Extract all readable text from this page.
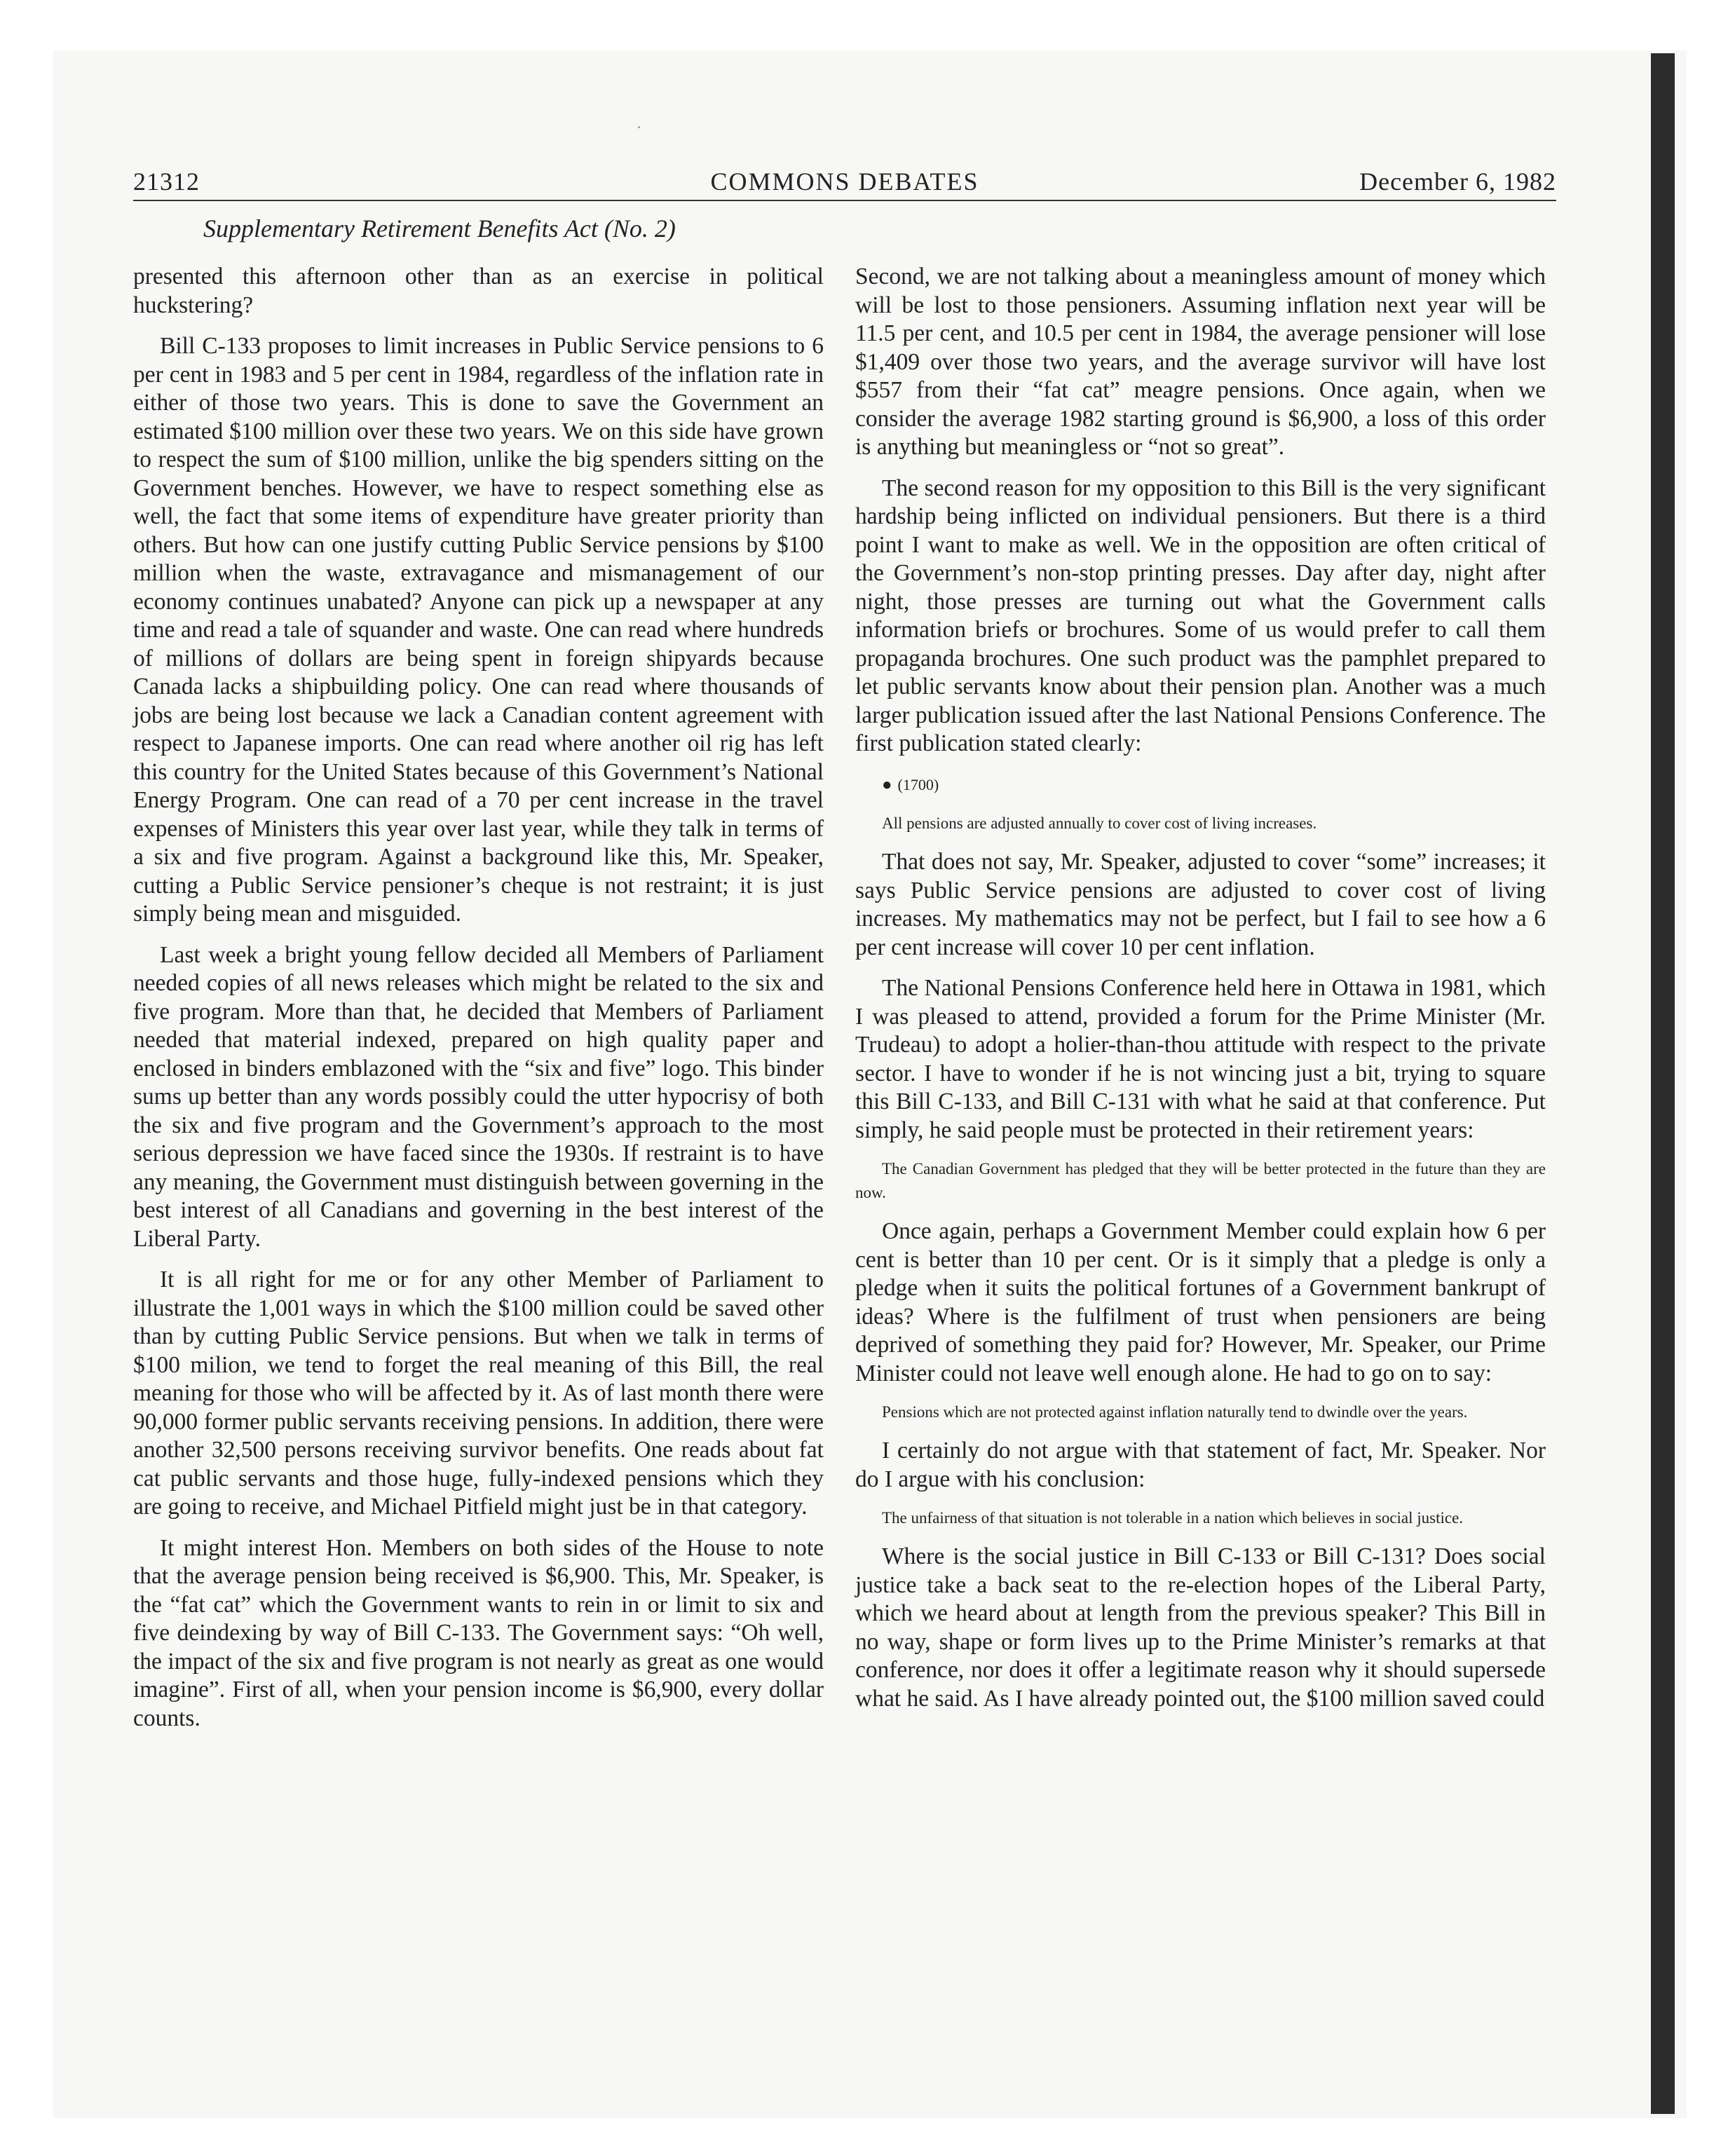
21312	COMMONS DEBATES	December 6, 1982
Supplementary Retirement Benefits Act (No. 2)

presented this afternoon other than as an exercise in political huckstering?

Bill C-133 proposes to limit increases in Public Service pensions to 6 per cent in 1983 and 5 per cent in 1984, regardless of the inflation rate in either of those two years. This is done to save the Government an estimated $100 million over these two years. We on this side have grown to respect the sum of $100 million, unlike the big spenders sitting on the Government benches. However, we have to respect something else as well, the fact that some items of expenditure have greater priority than others. But how can one justify cutting Public Service pensions by $100 million when the waste, extravagance and mismanagement of our economy continues unabated? Anyone can pick up a newspaper at any time and read a tale of squander and waste. One can read where hundreds of millions of dollars are being spent in foreign shipyards because Canada lacks a shipbuilding policy. One can read where thousands of jobs are being lost because we lack a Canadian content agreement with respect to Japanese imports. One can read where another oil rig has left this country for the United States because of this Government’s National Energy Program. One can read of a 70 per cent increase in the travel expenses of Ministers this year over last year, while they talk in terms of a six and five program. Against a background like this, Mr. Speaker, cutting a Public Service pensioner’s cheque is not restraint; it is just simply being mean and misguided.

Last week a bright young fellow decided all Members of Parliament needed copies of all news releases which might be related to the six and five program. More than that, he decided that Members of Parliament needed that material indexed, prepared on high quality paper and enclosed in binders emblazoned with the “six and five” logo. This binder sums up better than any words possibly could the utter hypocrisy of both the six and five program and the Government’s approach to the most serious depression we have faced since the 1930s. If restraint is to have any meaning, the Government must distinguish between governing in the best interest of all Canadians and governing in the best interest of the Liberal Party.

It is all right for me or for any other Member of Parliament to illustrate the 1,001 ways in which the $100 million could be saved other than by cutting Public Service pensions. But when we talk in terms of $100 milion, we tend to forget the real meaning of this Bill, the real meaning for those who will be affected by it. As of last month there were 90,000 former public servants receiving pensions. In addition, there were another 32,500 persons receiving survivor benefits. One reads about fat cat public servants and those huge, fully-indexed pensions which they are going to receive, and Michael Pitfield might just be in that category.

It might interest Hon. Members on both sides of the House to note that the average pension being received is $6,900. This, Mr. Speaker, is the “fat cat” which the Government wants to rein in or limit to six and five deindexing by way of Bill C-133. The Government says: “Oh well, the impact of the six and five program is not nearly as great as one would imagine”. First of all, when your pension income is $6,900, every dollar counts.

Second, we are not talking about a meaningless amount of money which will be lost to those pensioners. Assuming inflation next year will be 11.5 per cent, and 10.5 per cent in 1984, the average pensioner will lose $1,409 over those two years, and the average survivor will have lost $557 from their “fat cat” meagre pensions. Once again, when we consider the average 1982 starting ground is $6,900, a loss of this order is anything but meaningless or “not so great”.

The second reason for my opposition to this Bill is the very significant hardship being inflicted on individual pensioners. But there is a third point I want to make as well. We in the opposition are often critical of the Government’s non-stop printing presses. Day after day, night after night, those presses are turning out what the Government calls information briefs or brochures. Some of us would prefer to call them propaganda brochures. One such product was the pamphlet prepared to let public servants know about their pension plan. Another was a much larger publication issued after the last National Pensions Conference. The first publication stated clearly:

● (1700)

All pensions are adjusted annually to cover cost of living increases.

That does not say, Mr. Speaker, adjusted to cover “some” increases; it says Public Service pensions are adjusted to cover cost of living increases. My mathematics may not be perfect, but I fail to see how a 6 per cent increase will cover 10 per cent inflation.

The National Pensions Conference held here in Ottawa in 1981, which I was pleased to attend, provided a forum for the Prime Minister (Mr. Trudeau) to adopt a holier-than-thou attitude with respect to the private sector. I have to wonder if he is not wincing just a bit, trying to square this Bill C-133, and Bill C-131 with what he said at that conference. Put simply, he said people must be protected in their retirement years:

The Canadian Government has pledged that they will be better protected in the future than they are now.

Once again, perhaps a Government Member could explain how 6 per cent is better than 10 per cent. Or is it simply that a pledge is only a pledge when it suits the political fortunes of a Government bankrupt of ideas? Where is the fulfilment of trust when pensioners are being deprived of something they paid for? However, Mr. Speaker, our Prime Minister could not leave well enough alone. He had to go on to say:

Pensions which are not protected against inflation naturally tend to dwindle over the years.

I certainly do not argue with that statement of fact, Mr. Speaker. Nor do I argue with his conclusion:

The unfairness of that situation is not tolerable in a nation which believes in social justice.

Where is the social justice in Bill C-133 or Bill C-131? Does social justice take a back seat to the re-election hopes of the Liberal Party, which we heard about at length from the previous speaker? This Bill in no way, shape or form lives up to the Prime Minister’s remarks at that conference, nor does it offer a legitimate reason why it should supersede what he said. As I have already pointed out, the $100 million saved could
